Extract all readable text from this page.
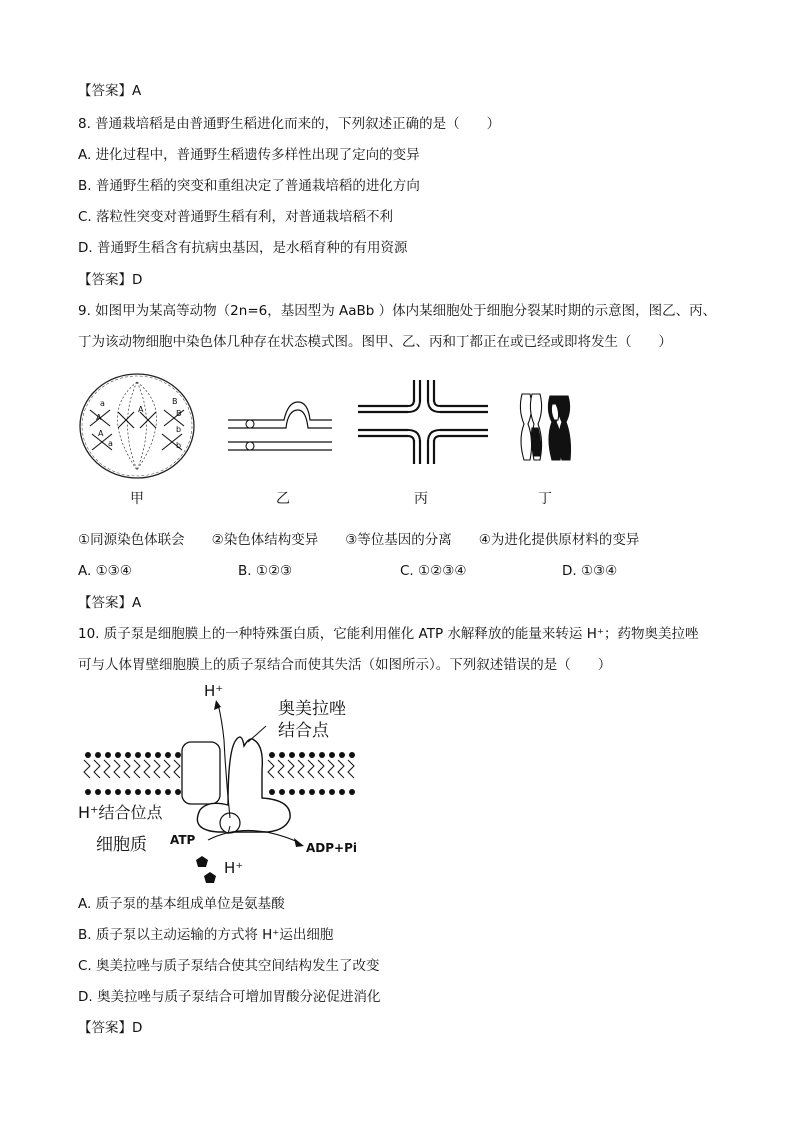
【答案】A
8. 普通栽培稻是由普通野生稻进化而来的，下列叙述正确的是（　　）
A. 进化过程中，普通野生稻遗传多样性出现了定向的变异
B. 普通野生稻的突变和重组决定了普通栽培稻的进化方向
C. 落粒性突变对普通野生稻有利，对普通栽培稻不利
D. 普通野生稻含有抗病虫基因，是水稻育种的有用资源
【答案】D
9. 如图甲为某高等动物（2n=6，基因型为 AaBb ）体内某细胞处于细胞分裂某时期的示意图，图乙、丙、
丁为该动物细胞中染色体几种存在状态模式图。图甲、乙、丙和丁都正在或已经或即将发生（　　）
a
A
A
B
B
b
A
a	b
甲	乙	丙	丁
①同源染色体联会　　②染色体结构变异　　③等位基因的分离　　④为进化提供原材料的变异
A. ①③④	B. ①②③	C. ①②③④	D. ①③④
【答案】A
10. 质子泵是细胞膜上的一种特殊蛋白质，它能利用催化 ATP 水解释放的能量来转运 H⁺；药物奥美拉唑
可与人体胃壁细胞膜上的质子泵结合而使其失活（如图所示）。下列叙述错误的是（　　）
H⁺
奥美拉唑
结合点
H⁺结合位点
细胞质 ATP
ADP+Pi
H⁺
A. 质子泵的基本组成单位是氨基酸
B. 质子泵以主动运输的方式将 H⁺运出细胞
C. 奥美拉唑与质子泵结合使其空间结构发生了改变
D. 奥美拉唑与质子泵结合可增加胃酸分泌促进消化
【答案】D
